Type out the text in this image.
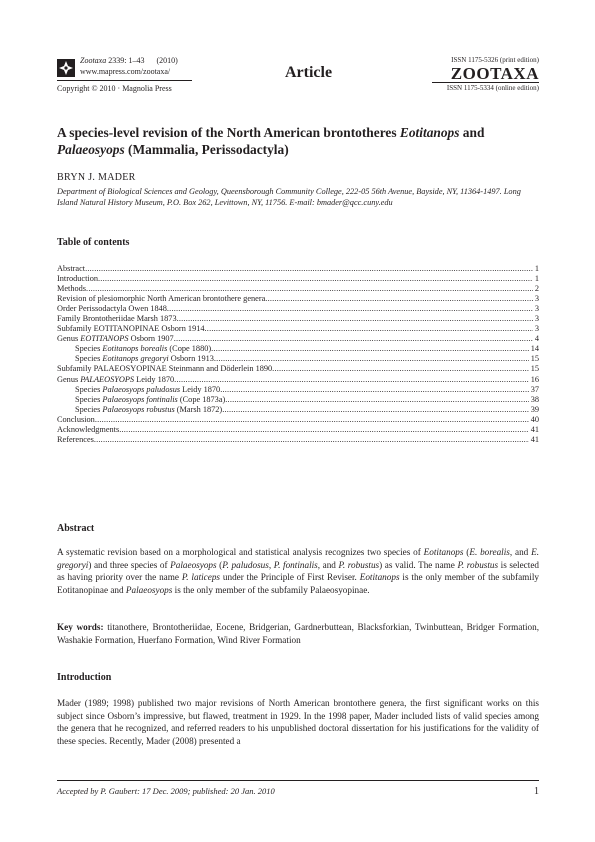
Zootaxa 2339: 1–43 (2010)
www.mapress.com/zootaxa/
Copyright © 2010 · Magnolia Press
Article
ISSN 1175-5326 (print edition)
ZOOTAXA
ISSN 1175-5334 (online edition)
A species-level revision of the North American brontotheres Eotitanops and
Palaeosyops (Mammalia, Perissodactyla)
BRYN J. MADER
Department of Biological Sciences and Geology, Queensborough Community College, 222-05 56th Avenue, Bayside, NY, 11364-1497. Long Island Natural History Museum, P.O. Box 262, Levittown, NY, 11756. E-mail: bmader@qcc.cuny.edu
Table of contents
Abstract .....	1
Introduction .....	1
Methods .....	2
Revision of plesiomorphic North American brontothere genera .....	3
Order Perissodactyla Owen 1848 .....	3
Family Brontotheriidae Marsh 1873 .....	3
Subfamily EOTITANOPINAE Osborn 1914 .....	3
Genus EOTITANOPS Osborn 1907 .....	4
Species Eotitanops borealis (Cope 1880) .....	14
Species Eotitanops gregoryi Osborn 1913 .....	15
Subfamily PALAEOSYOPINAE Steinmann and Döderlein 1890 .....	15
Genus PALAEOSYOPS Leidy 1870 .....	16
Species Palaeosyops paludosus Leidy 1870 .....	37
Species Palaeosyops fontinalis (Cope 1873a) .....	38
Species Palaeosyops robustus (Marsh 1872) .....	39
Conclusion .....	40
Acknowledgments .....	41
References .....	41
Abstract
A systematic revision based on a morphological and statistical analysis recognizes two species of Eotitanops (E. borealis, and E. gregoryi) and three species of Palaeosyops (P. paludosus, P. fontinalis, and P. robustus) as valid. The name P. robustus is selected as having priority over the name P. laticeps under the Principle of First Reviser. Eotitanops is the only member of the subfamily Eotitanopinae and Palaeosyops is the only member of the subfamily Palaeosyopinae.
Key words: titanothere, Brontotheriidae, Eocene, Bridgerian, Gardnerbuttean, Blacksforkian, Twinbuttean, Bridger Formation, Washakie Formation, Huerfano Formation, Wind River Formation
Introduction
Mader (1989; 1998) published two major revisions of North American brontothere genera, the first significant works on this subject since Osborn’s impressive, but flawed, treatment in 1929. In the 1998 paper, Mader included lists of valid species among the genera that he recognized, and referred readers to his unpublished doctoral dissertation for his justifications for the validity of these species. Recently, Mader (2008) presented a
Accepted by P. Gaubert: 17 Dec. 2009; published: 20 Jan. 2010	1
